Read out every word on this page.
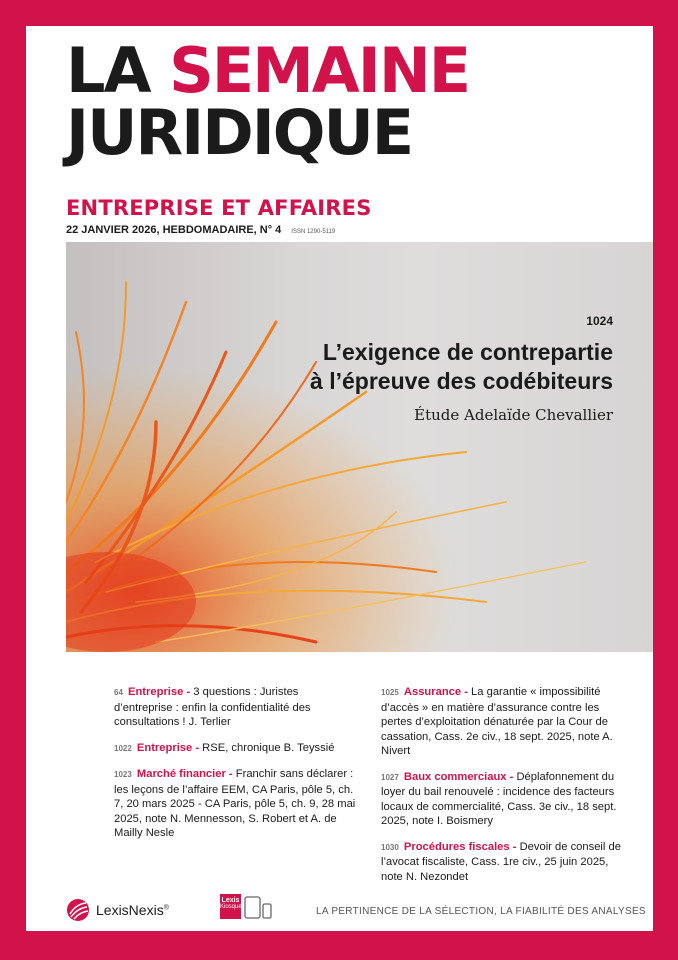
LA SEMAINE
JURIDIQUE
ENTREPRISE ET AFFAIRES
22 JANVIER 2026, HEBDOMADAIRE, N° 4 ISSN 1290-5119
1024
L’exigence de contrepartie
à l’épreuve des codébiteurs
Étude Adelaïde Chevallier

64 Entreprise - 3 questions : Juristes d’entreprise : enfin la confidentialité des consultations ! J. Terlier

1022 Entreprise - RSE, chronique B. Teyssié

1023 Marché financier - Franchir sans déclarer : les leçons de l’affaire EEM, CA Paris, pôle 5, ch. 7, 20 mars 2025 - CA Paris, pôle 5, ch. 9, 28 mai 2025, note N. Mennesson, S. Robert et A. de Mailly Nesle

1025 Assurance - La garantie « impossibilité d’accès » en matière d’assurance contre les pertes d’exploitation dénaturée par la Cour de cassation, Cass. 2e civ., 18 sept. 2025, note A. Nivert

1027 Baux commerciaux - Déplafonnement du loyer du bail renouvelé : incidence des facteurs locaux de commercialité, Cass. 3e civ., 18 sept. 2025, note I. Boismery

1030 Procédures fiscales - Devoir de conseil de l’avocat fiscaliste, Cass. 1re civ., 25 juin 2025, note N. Nezondet

LexisNexis®
Lexis
Kiosque	LA PERTINENCE DE LA SÉLECTION, LA FIABILITÉ DES ANALYSES
